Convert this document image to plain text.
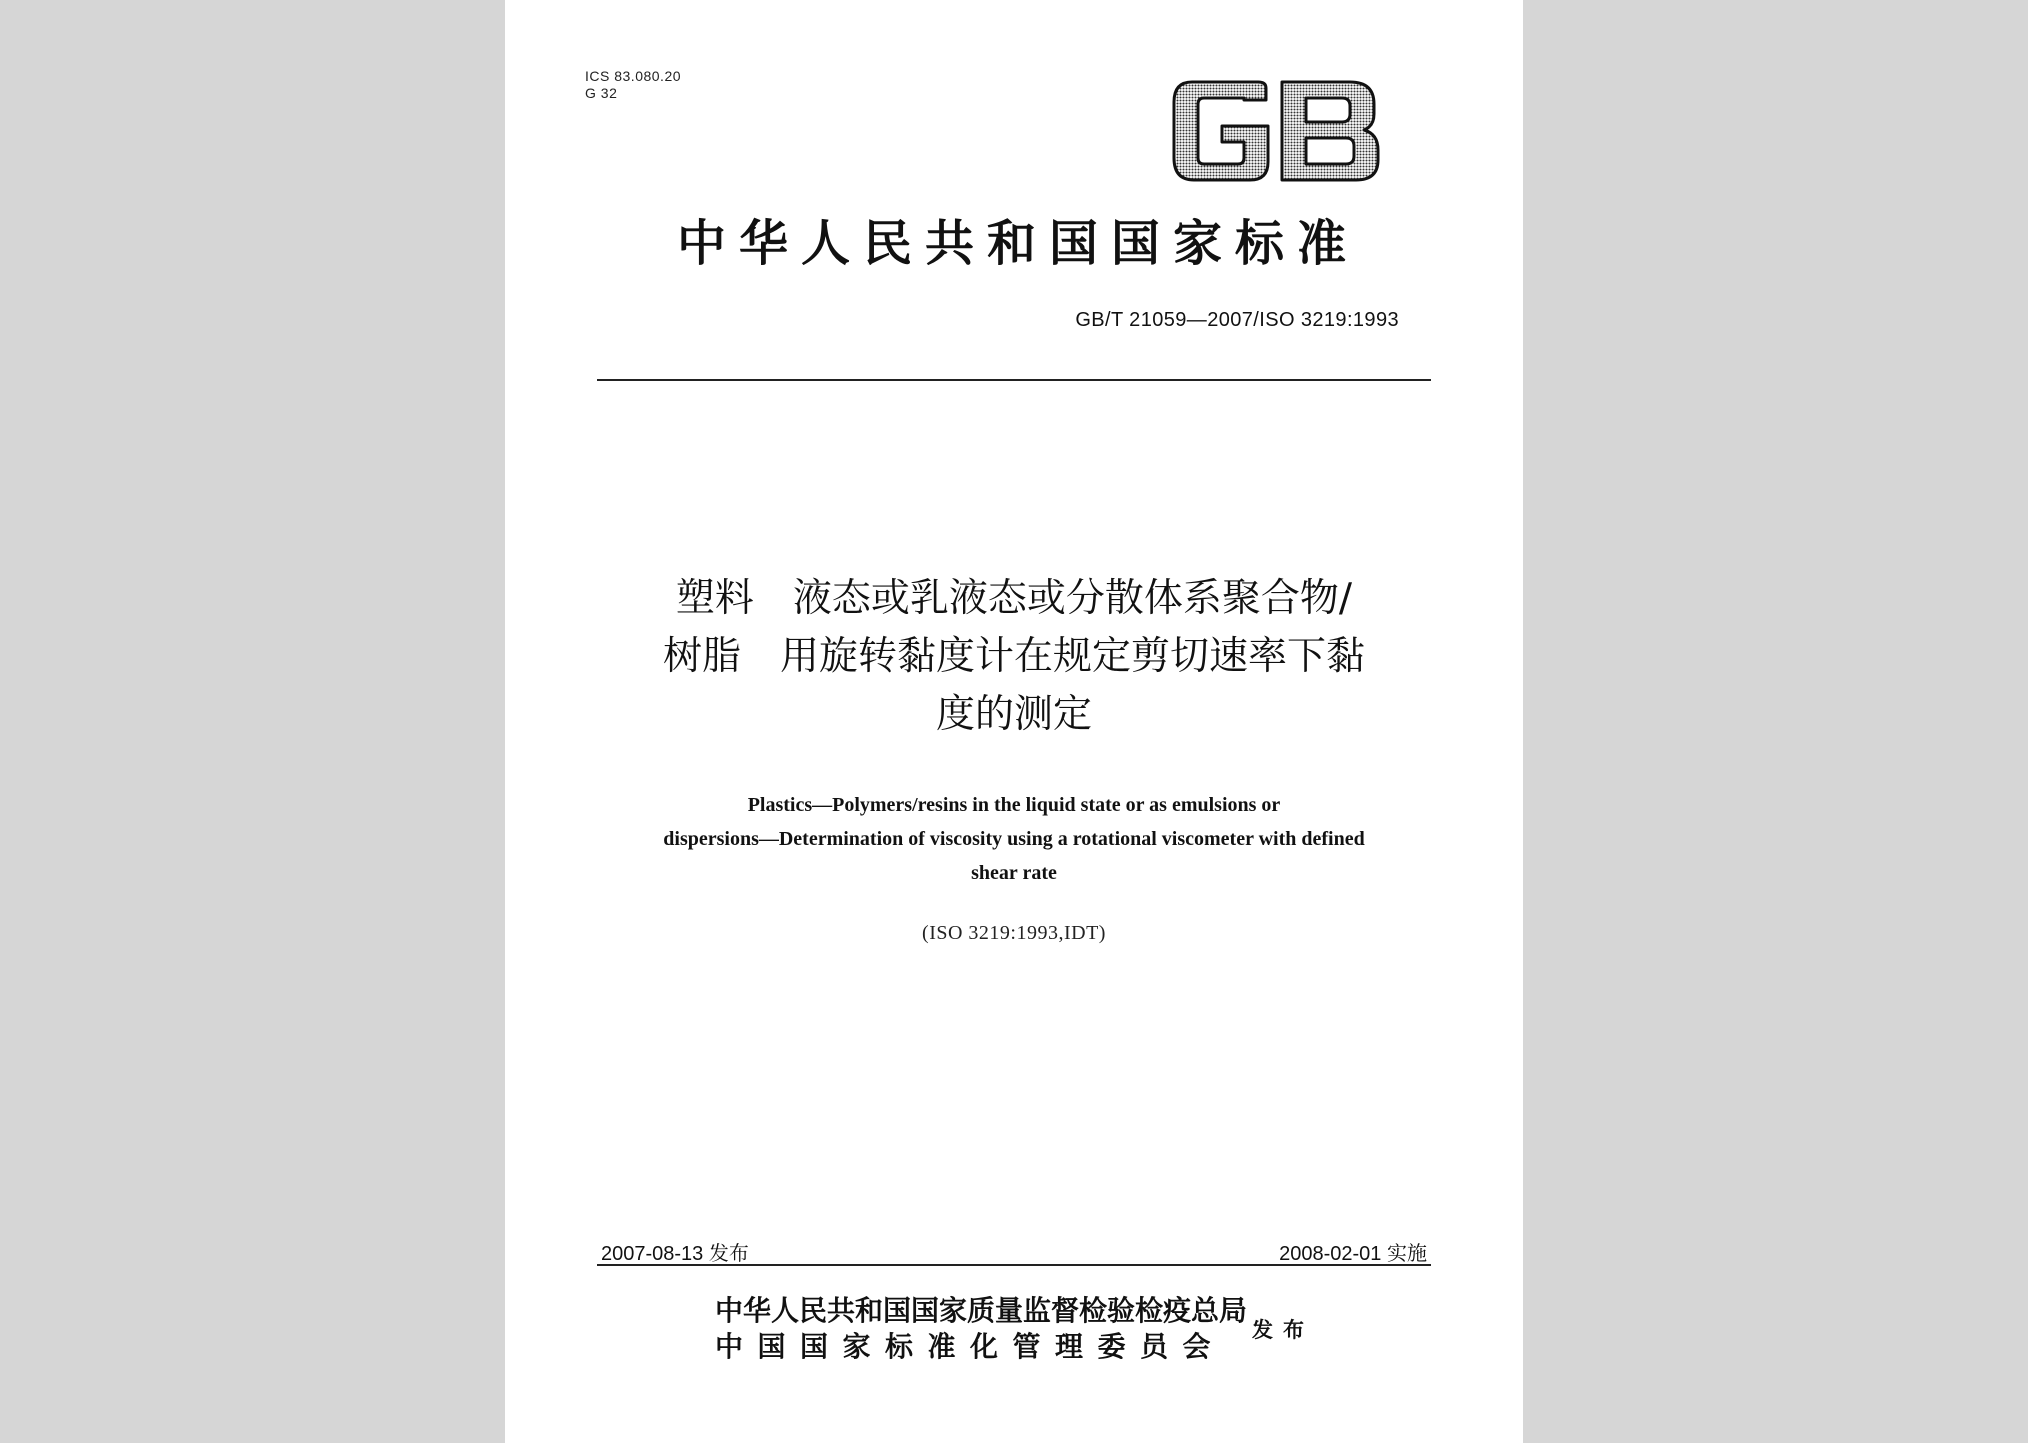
ICS 83.080.20
G 32
中华人民共和国国家标准
GB/T 21059—2007/ISO 3219:1993
塑料　液态或乳液态或分散体系聚合物/
树脂　用旋转黏度计在规定剪切速率下黏
度的测定
Plastics—Polymers/resins in the liquid state or as emulsions or
dispersions—Determination of viscosity using a rotational viscometer with defined
shear rate
(ISO 3219:1993,IDT)
2007-08-13 发布	2008-02-01 实施
中华人民共和国国家质量监督检验检疫总局
中国国家标准化管理委员会	发布
